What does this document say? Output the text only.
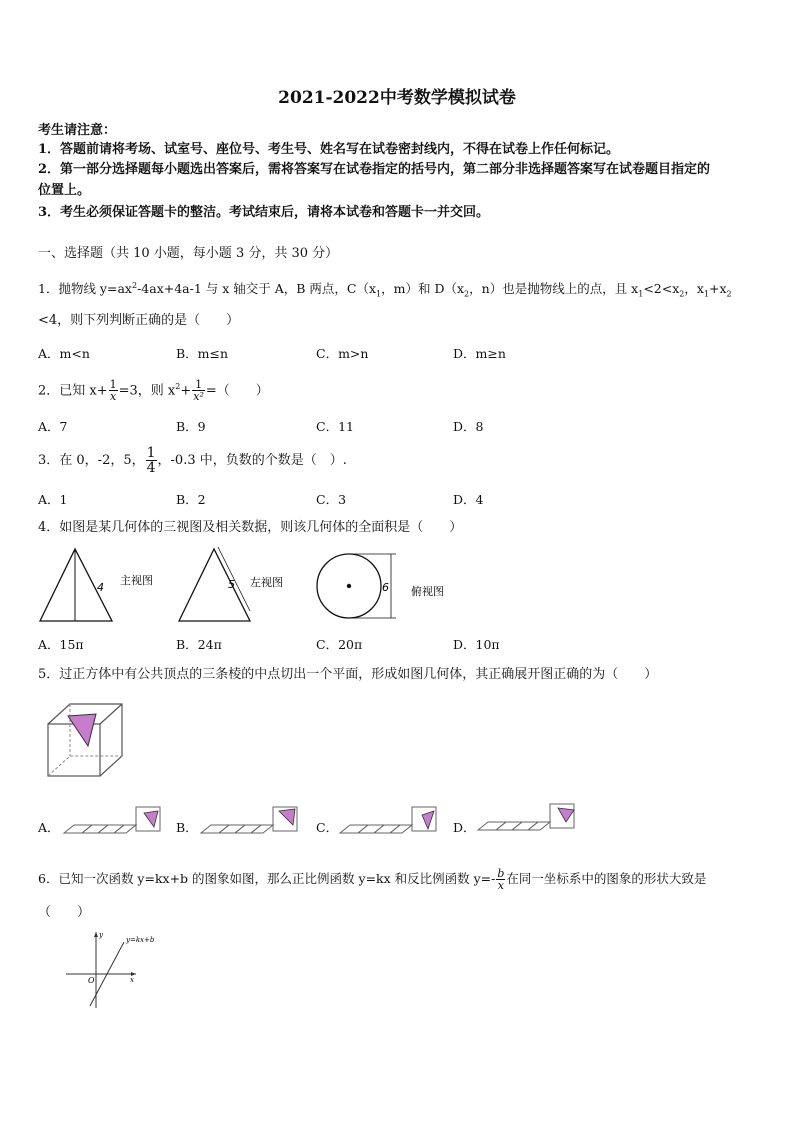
2021-2022中考数学模拟试卷
考生请注意：
1．答题前请将考场、试室号、座位号、考生号、姓名写在试卷密封线内，不得在试卷上作任何标记。
2．第一部分选择题每小题选出答案后，需将答案写在试卷指定的括号内，第二部分非选择题答案写在试卷题目指定的
位置上。
3．考生必须保证答题卡的整洁。考试结束后，请将本试卷和答题卡一并交回。
一、选择题（共 10 小题，每小题 3 分，共 30 分）
1．抛物线 $y=ax^2-4ax+4a-1$ 与 x 轴交于 A，B 两点，$C(x_1$，m）和 $D(x_2$，n）也是抛物线上的点，且 $x_1<2<x_2$，$x_1+x_2$
<4，则下列判断正确的是（　　）
A．m<n	B．m≤n	C．m>n	D．m≥n
2．已知 $x+ \frac{1}{x} =3$，则 $x^2+ \frac{1}{\text{x²}}$ =（　　）
A．7	B．9	C．11	D．8
3．在 0，-2，5， $\frac{1}{4}$ ，-0.3 中，负数的个数是（　）.
A．1	B．2	C．3	D．4
4．如图是某几何体的三视图及相关数据，则该几何体的全面积是（　　）
4
主视图	5 左视图	6 俯视图
A．15π	B．24π	C．20π	D．10π
5．过正方体中有公共顶点的三条棱的中点切出一个平面，形成如图几何体，其正确展开图正确的为（　　）
A．	B．	C．	D．
6．已知一次函数 y=kx+b 的图象如图，那么正比例函数 y=kx 和反比例函数 $y=- \frac{b}{x}$ 在同一坐标系中的图象的形状大致是
（　　）
y=kx+b
O	x
y
